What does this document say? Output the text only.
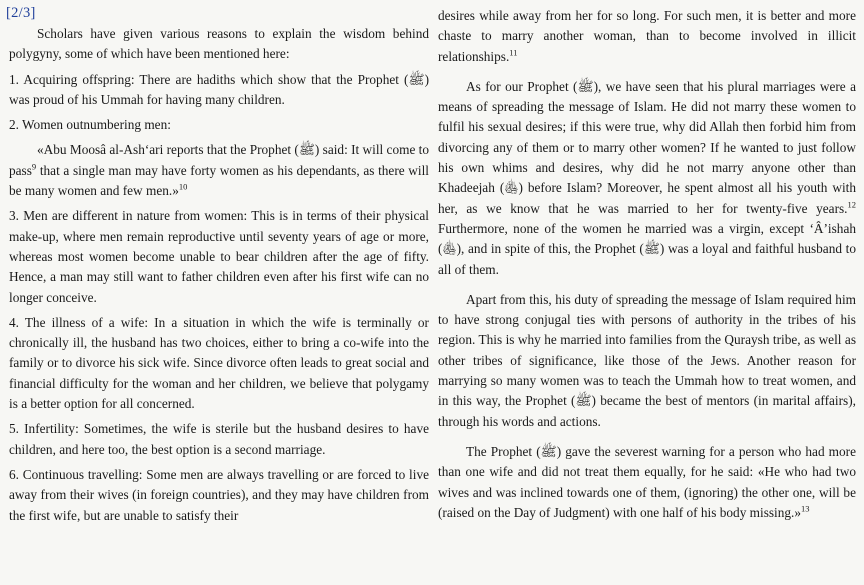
[2/3]

Scholars have given various reasons to explain the wisdom behind polygyny, some of which have been mentioned here:

1. Acquiring offspring: There are hadiths which show that the Prophet (ﷺ) was proud of his Ummah for having many children.

2. Women outnumbering men:

«Abu Moosâ al-Ash‘ari reports that the Prophet (ﷺ) said: It will come to pass$^9$ that a single man may have forty women as his dependants, as there will be many women and few men.»$^{10}$

3. Men are different in nature from women: This is in terms of their physical make-up, where men remain reproductive until seventy years of age or more, whereas most women become unable to bear children after the age of fifty. Hence, a man may still want to father children even after his first wife can no longer conceive.

4. The illness of a wife: In a situation in which the wife is terminally or chronically ill, the husband has two choices, either to bring a co-wife into the family or to divorce his sick wife. Since divorce often leads to great social and financial difficulty for the woman and her children, we believe that polygamy is a better option for all concerned.

5. Infertility: Sometimes, the wife is sterile but the husband desires to have children, and here too, the best option is a second marriage.

6. Continuous travelling: Some men are always travelling or are forced to live away from their wives (in foreign countries), and they may have children from the first wife, but are unable to satisfy their

desires while away from her for so long. For such men, it is better and more chaste to marry another woman, than to become involved in illicit relationships.$^{11}$

As for our Prophet (ﷺ), we have seen that his plural marriages were a means of spreading the message of Islam. He did not marry these women to fulfil his sexual desires; if this were true, why did Allah then forbid him from divorcing any of them or to marry other women? If he wanted to just follow his own whims and desires, why did he not marry anyone other than Khadeejah (﵅) before Islam? Moreover, he spent almost all his youth with her, as we know that he was married to her for twenty-five years.$^{12}$ Furthermore, none of the women he married was a virgin, except ‘Â’ishah (﵅), and in spite of this, the Prophet (ﷺ) was a loyal and faithful husband to all of them.

Apart from this, his duty of spreading the message of Islam required him to have strong conjugal ties with persons of authority in the tribes of his region. This is why he married into families from the Quraysh tribe, as well as other tribes of significance, like those of the Jews. Another reason for marrying so many women was to teach the Ummah how to treat women, and in this way, the Prophet (ﷺ) became the best of mentors (in marital affairs), through his words and actions.

The Prophet (ﷺ) gave the severest warning for a person who had more than one wife and did not treat them equally, for he said: «He who had two wives and was inclined towards one of them, (ignoring) the other one, will be (raised on the Day of Judgment) with one half of his body missing.»$^{13}$
